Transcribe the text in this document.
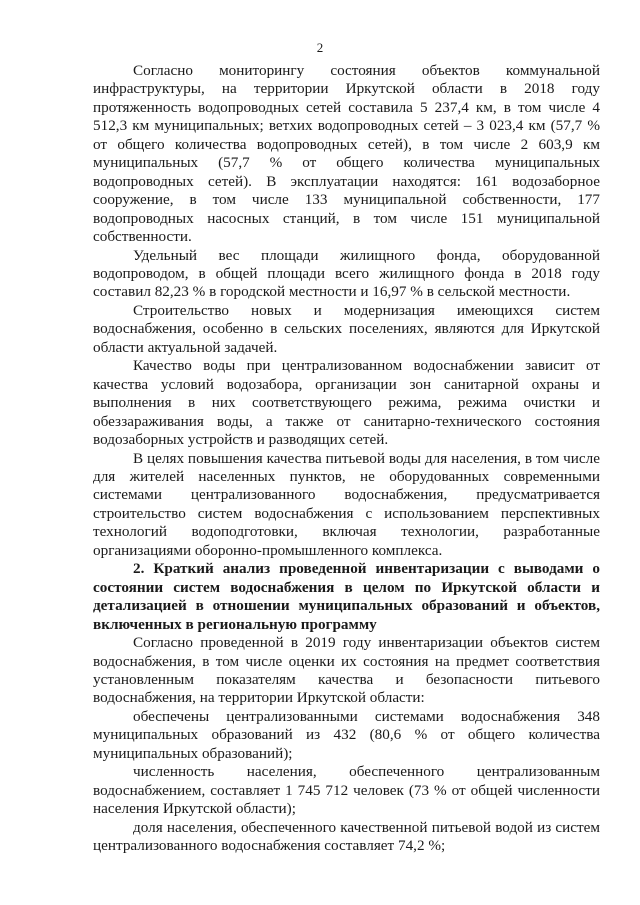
2

Согласно мониторингу состояния объектов коммунальной инфраструктуры, на территории Иркутской области в 2018 году протяженность водопроводных сетей составила 5 237,4 км, в том числе 4 512,3 км муниципальных; ветхих водопроводных сетей – 3 023,4 км (57,7 % от общего количества водопроводных сетей), в том числе 2 603,9 км муниципальных (57,7 % от общего количества муниципальных водопроводных сетей). В эксплуатации находятся: 161 водозаборное сооружение, в том числе 133 муниципальной собственности, 177 водопроводных насосных станций, в том числе 151 муниципальной собственности.

Удельный вес площади жилищного фонда, оборудованной водопроводом, в общей площади всего жилищного фонда в 2018 году составил 82,23 % в городской местности и 16,97 % в сельской местности.

Строительство новых и модернизация имеющихся систем водоснабжения, особенно в сельских поселениях, являются для Иркутской области актуальной задачей.

Качество воды при централизованном водоснабжении зависит от качества условий водозабора, организации зон санитарной охраны и выполнения в них соответствующего режима, режима очистки и обеззараживания воды, а также от санитарно-технического состояния водозаборных устройств и разводящих сетей.

В целях повышения качества питьевой воды для населения, в том числе для жителей населенных пунктов, не оборудованных современными системами централизованного водоснабжения, предусматривается строительство систем водоснабжения с использованием перспективных технологий водоподготовки, включая технологии, разработанные организациями оборонно-промышленного комплекса.

2. Краткий анализ проведенной инвентаризации с выводами о состоянии систем водоснабжения в целом по Иркутской области и детализацией в отношении муниципальных образований и объектов, включенных в региональную программу

Согласно проведенной в 2019 году инвентаризации объектов систем водоснабжения, в том числе оценки их состояния на предмет соответствия установленным показателям качества и безопасности питьевого водоснабжения, на территории Иркутской области:

обеспечены централизованными системами водоснабжения 348 муниципальных образований из 432 (80,6 % от общего количества муниципальных образований);

численность населения, обеспеченного централизованным водоснабжением, составляет 1 745 712 человек (73 % от общей численности населения Иркутской области);

доля населения, обеспеченного качественной питьевой водой из систем централизованного водоснабжения составляет 74,2 %;
